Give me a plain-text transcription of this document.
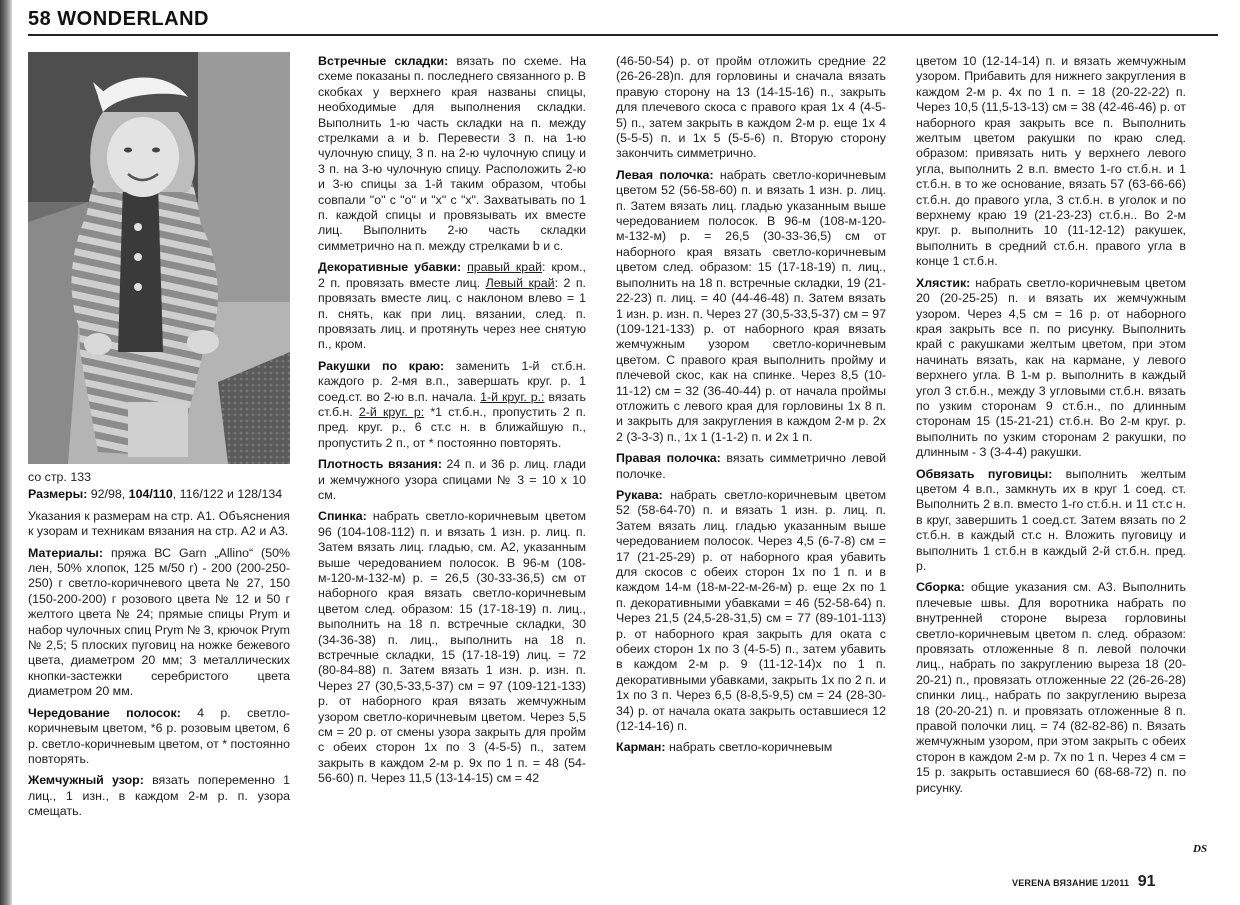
58 WONDERLAND

со стр. 133

Размеры: 92/98, 104/110, 116/122 и 128/134

Указания к размерам на стр. А1. Объяснения к узорам и техникам вязания на стр. А2 и А3.

Материалы: пряжа ВС Garn „Allino“ (50% лен, 50% хлопок, 125 м/50 г) - 200 (200-250-250) г светло-коричневого цвета № 27, 150 (150-200-200) г розового цвета № 12 и 50 г желтого цвета № 24; прямые спицы Prym и набор чулочных спиц Prym № 3, крючок Prym № 2,5; 5 плоских пуговиц на ножке бежевого цвета, диаметром 20 мм; 3 металлических кнопки-застежки серебристого цвета диаметром 20 мм.

Чередование полосок: 4 р. светло-коричневым цветом, *6 р. розовым цветом, 6 р. светло-коричневым цветом, от * постоянно повторять.

Жемчужный узор: вязать попеременно 1 лиц., 1 изн., в каждом 2-м р. п. узора смещать.

Встречные складки: вязать по схеме. На схеме показаны п. последнего связанного р. В скобках у верхнего края названы спицы, необходимые для выполнения складки. Выполнить 1-ю часть складки на п. между стрелками a и b. Перевести 3 п. на 1-ю чулочную спицу, 3 п. на 2-ю чулочную спицу и 3 п. на 3-ю чулочную спицу. Расположить 2-ю и 3-ю спицы за 1-й таким образом, чтобы совпали "о" с "о" и "х" с "х". Захватывать по 1 п. каждой спицы и провязывать их вместе лиц. Выполнить 2-ю часть складки симметрично на п. между стрелками b и c.

Декоративные убавки: правый край: кром., 2 п. провязать вместе лиц. Левый край: 2 п. провязать вместе лиц. с наклоном влево = 1 п. снять, как при лиц. вязании, след. п. провязать лиц. и протянуть через нее снятую п., кром.

Ракушки по краю: заменить 1-й ст.б.н. каждого р. 2-мя в.п., завершать круг. р. 1 соед.ст. во 2-ю в.п. начала. 1-й круг. р.: вязать ст.б.н. 2-й круг. р: *1 ст.б.н., пропустить 2 п. пред. круг. р., 6 ст.с н. в ближайшую п., пропустить 2 п., от * постоянно повторять.

Плотность вязания: 24 п. и 36 р. лиц. глади и жемчужного узора спицами № 3 = 10 х 10 см.

Спинка: набрать светло-коричневым цветом 96 (104-108-112) п. и вязать 1 изн. р. лиц. п. Затем вязать лиц. гладью, см. А2, указанным выше чередованием полосок. В 96-м (108-м-120-м-132-м) р. = 26,5 (30-33-36,5) см от наборного края вязать светло-коричневым цветом след. образом: 15 (17-18-19) п. лиц., выполнить на 18 п. встречные складки, 30 (34-36-38) п. лиц., выполнить на 18 п. встречные складки, 15 (17-18-19) лиц. = 72 (80-84-88) п. Затем вязать 1 изн. р. изн. п. Через 27 (30,5-33,5-37) см = 97 (109-121-133) р. от наборного края вязать жемчужным узором светло-коричневым цветом. Через 5,5 см = 20 р. от смены узора закрыть для пройм с обеих сторон 1х по 3 (4-5-5) п., затем закрыть в каждом 2-м р. 9х по 1 п. = 48 (54-56-60) п. Через 11,5 (13-14-15) см = 42

(46-50-54) р. от пройм отложить средние 22 (26-26-28)п. для горловины и сначала вязать правую сторону на 13 (14-15-16) п., закрыть для плечевого скоса с правого края 1х 4 (4-5-5) п., затем закрыть в каждом 2-м р. еще 1х 4 (5-5-5) п. и 1х 5 (5-5-6) п. Вторую сторону закончить симметрично.

Левая полочка: набрать светло-коричневым цветом 52 (56-58-60) п. и вязать 1 изн. р. лиц. п. Затем вязать лиц. гладью указанным выше чередованием полосок. В 96-м (108-м-120-м-132-м) р. = 26,5 (30-33-36,5) см от наборного края вязать светло-коричневым цветом след. образом: 15 (17-18-19) п. лиц., выполнить на 18 п. встречные складки, 19 (21-22-23) п. лиц. = 40 (44-46-48) п. Затем вязать 1 изн. р. изн. п. Через 27 (30,5-33,5-37) см = 97 (109-121-133) р. от наборного края вязать жемчужным узором светло-коричневым цветом. С правого края выполнить пройму и плечевой скос, как на спинке. Через 8,5 (10-11-12) см = 32 (36-40-44) р. от начала проймы отложить с левого края для горловины 1х 8 п. и закрыть для закругления в каждом 2-м р. 2х 2 (3-3-3) п., 1х 1 (1-1-2) п. и 2х 1 п.

Правая полочка: вязать симметрично левой полочке.

Рукава: набрать светло-коричневым цветом 52 (58-64-70) п. и вязать 1 изн. р. лиц. п. Затем вязать лиц. гладью указанным выше чередованием полосок. Через 4,5 (6-7-8) см = 17 (21-25-29) р. от наборного края убавить для скосов с обеих сторон 1х по 1 п. и в каждом 14-м (18-м-22-м-26-м) р. еще 2х по 1 п. декоративными убавками = 46 (52-58-64) п. Через 21,5 (24,5-28-31,5) см = 77 (89-101-113) р. от наборного края закрыть для оката с обеих сторон 1х по 3 (4-5-5) п., затем убавить в каждом 2-м р. 9 (11-12-14)х по 1 п. декоративными убавками, закрыть 1х по 2 п. и 1х по 3 п. Через 6,5 (8-8,5-9,5) см = 24 (28-30-34) р. от начала оката закрыть оставшиеся 12 (12-14-16) п.

Карман: набрать светло-коричневым

цветом 10 (12-14-14) п. и вязать жемчужным узором. Прибавить для нижнего закругления в каждом 2-м р. 4х по 1 п. = 18 (20-22-22) п. Через 10,5 (11,5-13-13) см = 38 (42-46-46) р. от наборного края закрыть все п. Выполнить желтым цветом ракушки по краю след. образом: привязать нить у верхнего левого угла, выполнить 2 в.п. вместо 1-го ст.б.н. и 1 ст.б.н. в то же основание, вязать 57 (63-66-66) ст.б.н. до правого угла, 3 ст.б.н. в уголок и по верхнему краю 19 (21-23-23) ст.б.н.. Во 2-м круг. р. выполнить 10 (11-12-12) ракушек, выполнить в средний ст.б.н. правого угла в конце 1 ст.б.н.

Хлястик: набрать светло-коричневым цветом 20 (20-25-25) п. и вязать их жемчужным узором. Через 4,5 см = 16 р. от наборного края закрыть все п. по рисунку. Выполнить край с ракушками желтым цветом, при этом начинать вязать, как на кармане, у левого верхнего угла. В 1-м р. выполнить в каждый угол 3 ст.б.н., между 3 угловыми ст.б.н. вязать по узким сторонам 9 ст.б.н., по длинным сторонам 15 (15-21-21) ст.б.н. Во 2-м круг. р. выполнить по узким сторонам 2 ракушки, по длинным - 3 (3-4-4) ракушки.

Обвязать пуговицы: выполнить желтым цветом 4 в.п., замкнуть их в круг 1 соед. ст. Выполнить 2 в.п. вместо 1-го ст.б.н. и 11 ст.с н. в круг, завершить 1 соед.ст. Затем вязать по 2 ст.б.н. в каждый ст.с н. Вложить пуговицу и выполнить 1 ст.б.н в каждый 2-й ст.б.н. пред. р.

Сборка: общие указания см. А3. Выполнить плечевые швы. Для воротника набрать по внутренней стороне выреза горловины светло-коричневым цветом п. след. образом: провязать отложенные 8 п. левой полочки лиц., набрать по закруглению выреза 18 (20-20-21) п., провязать отложенные 22 (26-26-28) спинки лиц., набрать по закруглению выреза 18 (20-20-21) п. и провязать отложенные 8 п. правой полочки лиц. = 74 (82-82-86) п. Вязать жемчужным узором, при этом закрыть с обеих сторон в каждом 2-м р. 7х по 1 п. Через 4 см = 15 р. закрыть оставшиеся 60 (68-68-72) п. по рисунку.

DS
VERENA ВЯЗАНИЕ 1/2011 91
